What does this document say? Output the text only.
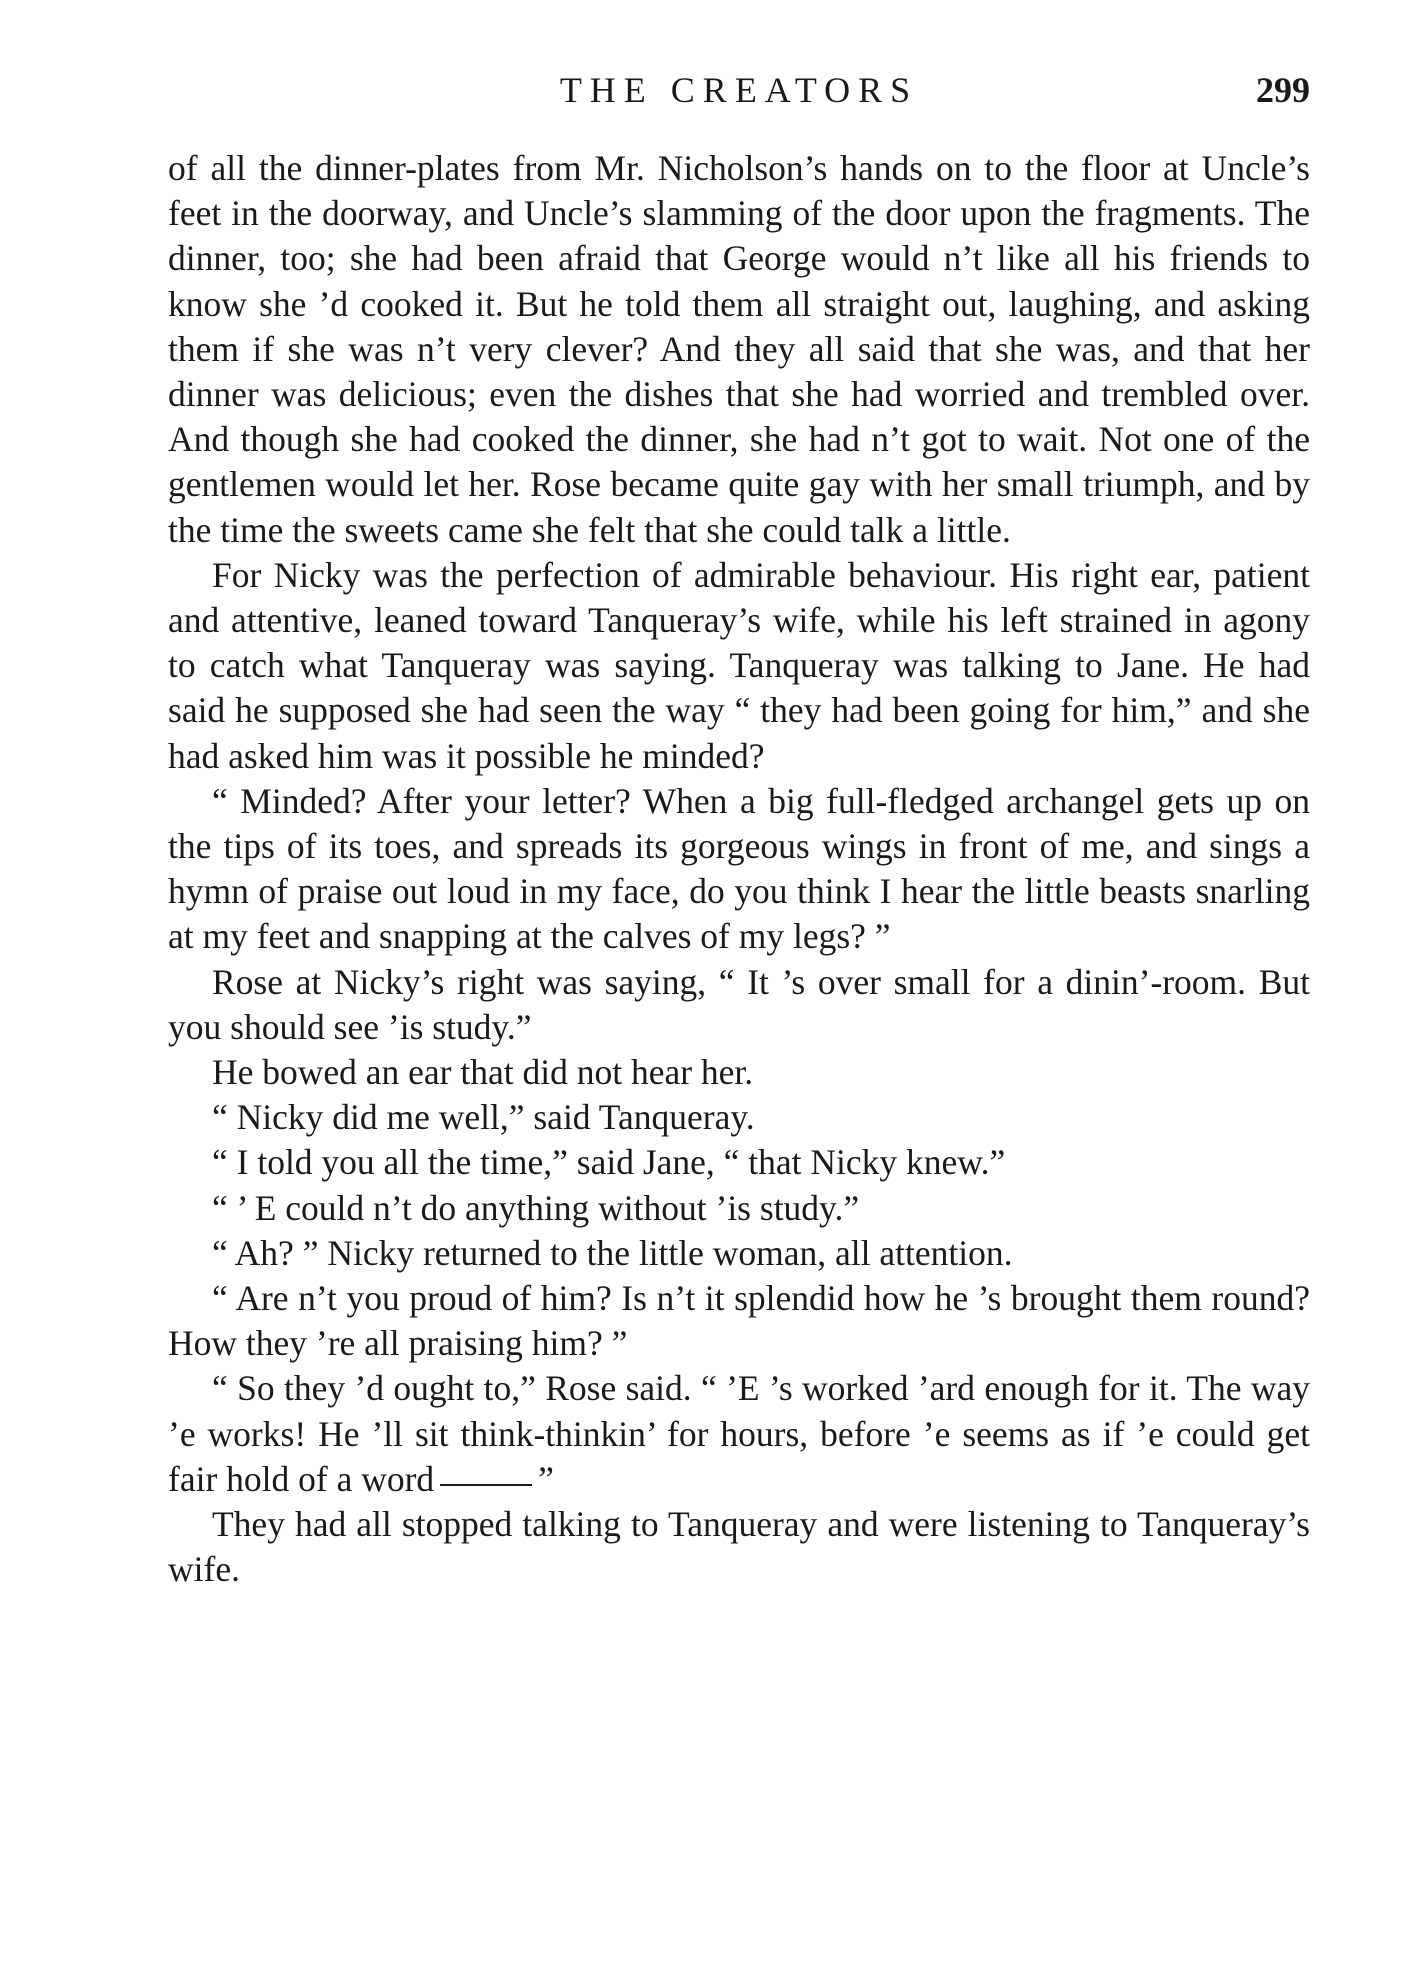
THE CREATORS	299

of all the dinner-plates from Mr. Nicholson’s hands on to the floor at Uncle’s feet in the doorway, and Uncle’s slamming of the door upon the fragments. The dinner, too; she had been afraid that George would n’t like all his friends to know she ’d cooked it. But he told them all straight out, laughing, and asking them if she was n’t very clever? And they all said that she was, and that her dinner was delicious; even the dishes that she had worried and trembled over. And though she had cooked the dinner, she had n’t got to wait. Not one of the gentlemen would let her. Rose became quite gay with her small triumph, and by the time the sweets came she felt that she could talk a little.

For Nicky was the perfection of admirable behaviour. His right ear, patient and attentive, leaned toward Tanqueray’s wife, while his left strained in agony to catch what Tanqueray was saying. Tanqueray was talking to Jane. He had said he supposed she had seen the way “ they had been going for him,” and she had asked him was it possible he minded?

“ Minded? After your letter? When a big full-fledged archangel gets up on the tips of its toes, and spreads its gorgeous wings in front of me, and sings a hymn of praise out loud in my face, do you think I hear the little beasts snarling at my feet and snapping at the calves of my legs? ”

Rose at Nicky’s right was saying, “ It ’s over small for a dinin’-room. But you should see ’is study.”

He bowed an ear that did not hear her.

“ Nicky did me well,” said Tanqueray.

“ I told you all the time,” said Jane, “ that Nicky knew.”

“ ’ E could n’t do anything without ’is study.”

“ Ah? ” Nicky returned to the little woman, all attention.

“ Are n’t you proud of him? Is n’t it splendid how he ’s brought them round? How they ’re all praising him? ”

“ So they ’d ought to,” Rose said. “ ’E ’s worked ’ard enough for it. The way ’e works! He ’ll sit think-thinkin’ for hours, before ’e seems as if ’e could get fair hold of a word	”

They had all stopped talking to Tanqueray and were listening to Tanqueray’s wife.
